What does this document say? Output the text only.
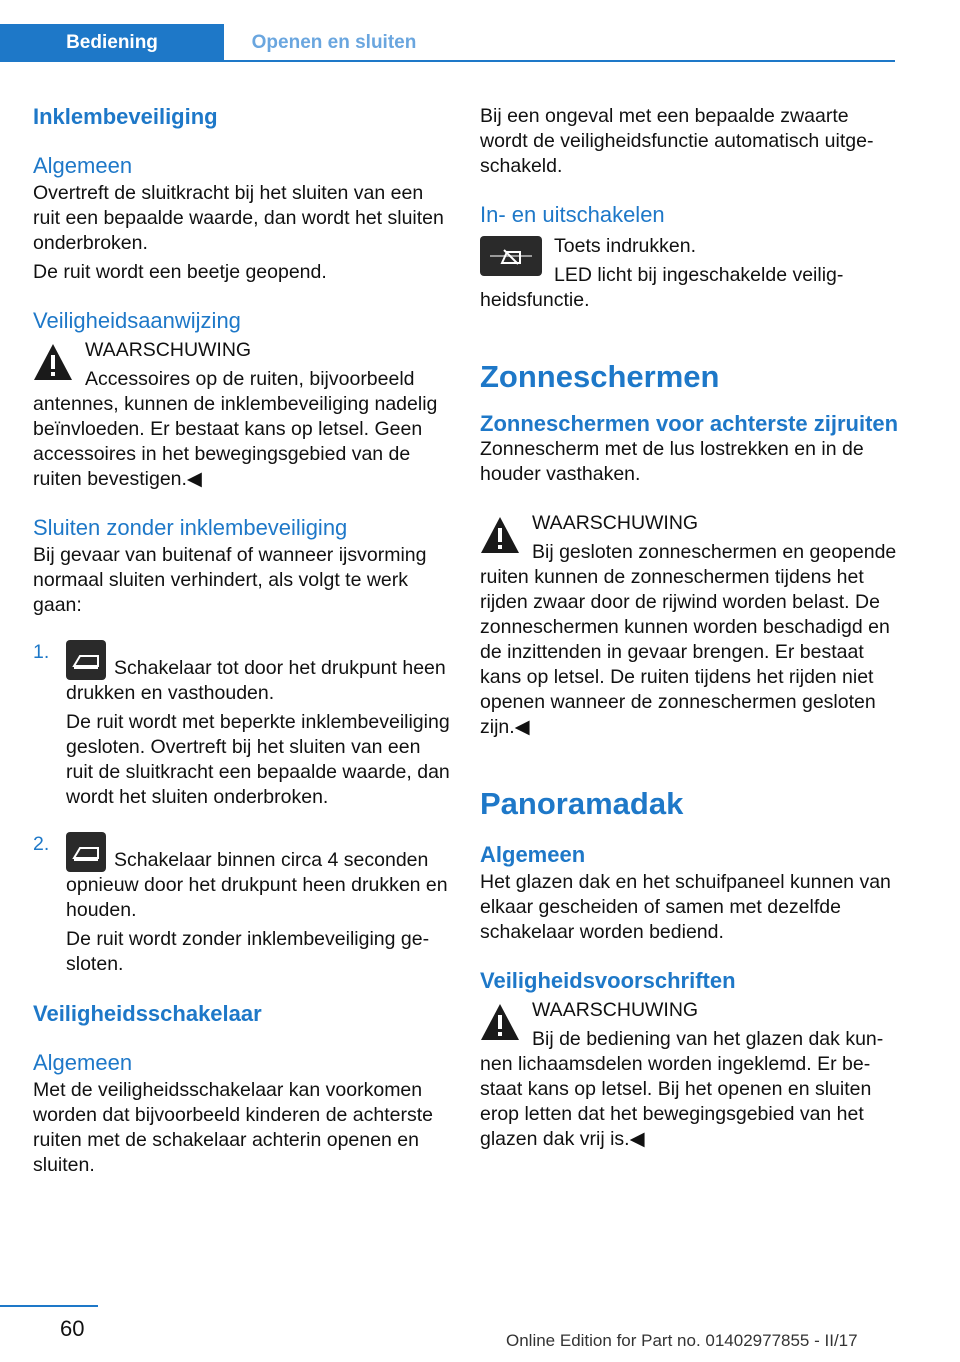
Bediening	Openen en sluiten
Inklembeveiliging
Algemeen

Overtreft de sluitkracht bij het sluiten van een ruit een bepaalde waarde, dan wordt het sluiten onderbroken.

De ruit wordt een beetje geopend.

Veiligheidsaanwijzing

WAARSCHUWING

Accessoires op de ruiten, bijvoorbeeld antennes, kunnen de inklembeveiliging nadelig beïnvloeden. Er bestaat kans op letsel. Geen accessoires in het bewegingsgebied van de ruiten bevestigen.◀

Sluiten zonder inklembeveiliging

Bij gevaar van buitenaf of wanneer ijsvorming normaal sluiten verhindert, als volgt te werk gaan:

1.

Schakelaar tot door het drukpunt heen drukken en vasthouden.

De ruit wordt met beperkte inklembeveiliging gesloten. Overtreft bij het sluiten van een ruit de sluitkracht een bepaalde waarde, dan wordt het sluiten onderbroken.

2.

Schakelaar binnen circa 4 seconden opnieuw door het drukpunt heen drukken en houden.

De ruit wordt zonder inklembeveiliging gesloten.

Veiligheidsschakelaar
Algemeen

Met de veiligheidsschakelaar kan voorkomen worden dat bijvoorbeeld kinderen de achterste ruiten met de schakelaar achterin openen en sluiten.

Bij een ongeval met een bepaalde zwaarte wordt de veiligheidsfunctie automatisch uitgeschakeld.

In- en uitschakelen

Toets indrukken.

LED licht bij ingeschakelde veiligheidsfunctie.

Zonneschermen
Zonneschermen voor achterste zijruiten

Zonnescherm met de lus lostrekken en in de houder vasthaken.

WAARSCHUWING

Bij gesloten zonneschermen en geopende ruiten kunnen de zonneschermen tijdens het rijden zwaar door de rijwind worden belast. De zonneschermen kunnen worden beschadigd en de inzittenden in gevaar brengen. Er bestaat kans op letsel. De ruiten tijdens het rijden niet openen wanneer de zonneschermen gesloten zijn.◀

Panoramadak
Algemeen

Het glazen dak en het schuifpaneel kunnen van elkaar gescheiden of samen met dezelfde schakelaar worden bediend.

Veiligheidsvoorschriften

WAARSCHUWING

Bij de bediening van het glazen dak kunnen lichaamsdelen worden ingeklemd. Er bestaat kans op letsel. Bij het openen en sluiten erop letten dat het bewegingsgebied van het glazen dak vrij is.◀

60	Online Edition for Part no. 01402977855 - II/17
